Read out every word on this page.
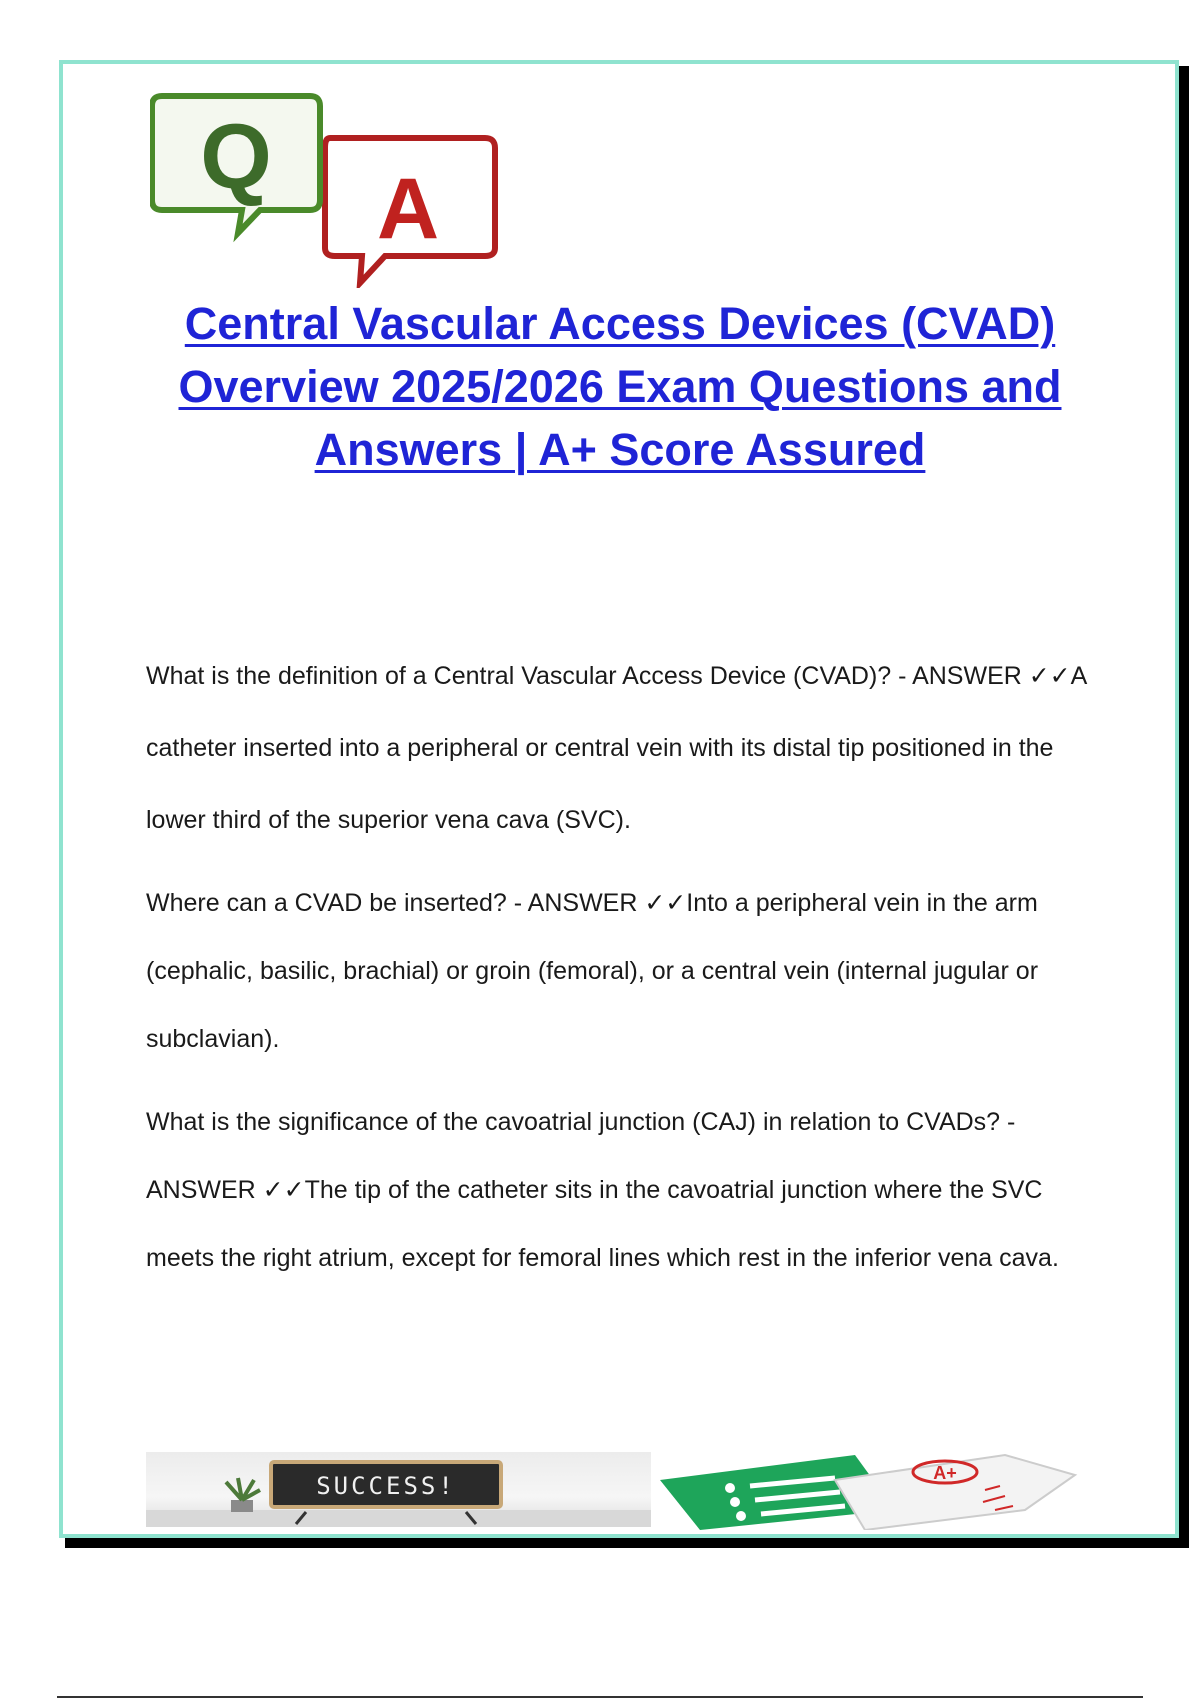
A
Q
Central Vascular Access Devices (CVAD) Overview 2025/2026 Exam Questions and Answers | A+ Score Assured

What is the definition of a Central Vascular Access Device (CVAD)? - ANSWER ✓✓A catheter inserted into a peripheral or central vein with its distal tip positioned in the lower third of the superior vena cava (SVC).

Where can a CVAD be inserted? - ANSWER ✓✓Into a peripheral vein in the arm (cephalic, basilic, brachial) or groin (femoral), or a central vein (internal jugular or subclavian).

What is the significance of the cavoatrial junction (CAJ) in relation to CVADs? - ANSWER ✓✓The tip of the catheter sits in the cavoatrial junction where the SVC meets the right atrium, except for femoral lines which rest in the inferior vena cava.

SUCCESS!	A+
